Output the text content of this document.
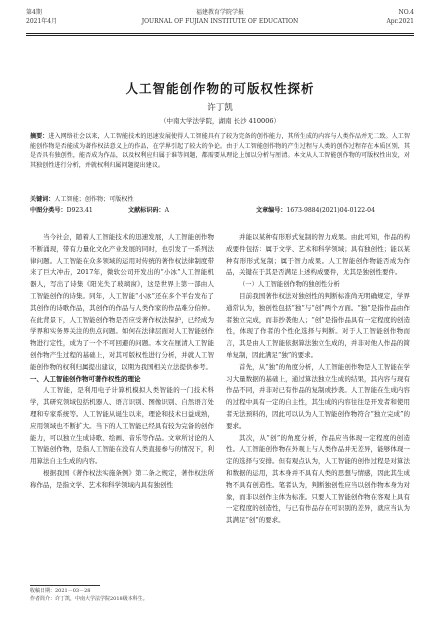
第4期
2021年4月
福建教育学院学报
JOURNAL OF FUJIAN INSTITUTE OF EDUCATION
NO.4
Apr.2021
人工智能创作物的可版权性探析
许丁凯
（中南大学法学院，湖南 长沙 410006）
摘要：进入网络社会以来，人工智能技术的迅速发展使得人工智能具有了较为完备的创作能力，其所生成的内容与人类作品并无二致。人工智能创作物是否能成为著作权法意义上的作品，在学界引起了较大的争论。由于人工智能创作物的产生过程与人类的创作过程存在本质区别，其是否具有独创性，能否成为作品，以及权利应归属于谁等问题，都需要从理论上加以分析与厘清。本文从人工智能创作物的可版权性出发，对其独创性进行分析，并就权利归属问题提出建议。
关键词：人工智能；创作物；可版权性
中图分类号：D923.41	文献标识码：A	文章编号：1673-9884(2021)04-0122-04

当今社会，随着人工智能技术的迅速发展，人工智能创作物不断涌现，带有力量化文化产业发展的同时，也引发了一系列法律问题。人工智能在众多领域的运用对传统的著作权法律制度带来了巨大冲击，2017年，微软公司开发出的“小冰”人工智能机器人，写出了诗集《阳光失了玻璃窗》，这是世界上第一部由人工智能创作的诗集。同年，人工智能“小冰”还在多个平台发布了其创作的诗歌作品，其创作的作品与人类作家的作品难分伯仲。在此背景下，人工智能创作物是否应受著作权法保护，已经成为学界和实务界关注的焦点问题。如何在法律层面对人工智能创作物进行定性，成为了一个不可回避的问题。本文在厘清人工智能创作物产生过程的基础上，对其可版权性进行分析，并就人工智能创作物的权利归属提出建议，以期为我国相关立法提供参考。

一、人工智能创作物可著作权性的理论

人工智能，是利用电子计算机模拟人类智能的一门技术科学，其研究领域包括机器人、语言识别、图像识别、自然语言处理和专家系统等。人工智能从诞生以来，理论和技术日益成熟，应用领域也不断扩大。当下的人工智能已经具有较为完备的创作能力，可以独立生成诗歌、绘画、音乐等作品。文章所讨论的人工智能创作物，是指人工智能在没有人类直接参与的情况下，利用算法自主生成的内容。

根据我国《著作权法实施条例》第二条之规定，著作权法所称作品，是指文学、艺术和科学领域内具有独创性

并能以某种有形形式复制的智力成果。由此可知，作品的构成要件包括：属于文学、艺术和科学领域；具有独创性；能以某种有形形式复制；属于智力成果。人工智能创作物能否成为作品，关键在于其是否满足上述构成要件，尤其是独创性要件。

（一）人工智能创作物的独创性分析

目前我国著作权法对独创性的判断标准尚无明确规定，学界通常认为，独创性包括“独”与“创”两个方面。“独”是指作品由作者独立完成，而非抄袭他人；“创”是指作品具有一定程度的创造性，体现了作者的个性化选择与判断。对于人工智能创作物而言，其是由人工智能依据算法独立生成的，并非对他人作品的简单复制，因此满足“独”的要求。

首先，从“独”的角度分析，人工智能创作物是人工智能在学习大量数据的基础上，通过算法独立生成的结果，其内容与现有作品不同，并非对已有作品的复制或抄袭。人工智能在生成内容的过程中具有一定的自主性，其生成的内容往往是开发者和使用者无法预料的，因此可以认为人工智能创作物符合“独立完成”的要求。

其次，从“创”的角度分析，作品应当体现一定程度的创造性。人工智能创作物在外观上与人类作品并无差异，能够体现一定的选择与安排。但有观点认为，人工智能的创作过程是对算法和数据的运用，其本身并不具有人类的思想与情感，因此其生成物不具有创造性。笔者认为，判断独创性应当以创作物本身为对象，而非以创作主体为标准。只要人工智能创作物在客观上具有一定程度的创造性，与已有作品存在可识别的差异，就应当认为其满足“创”的要求。

收稿日期：2021－03－28
作者简介：许丁凯，中南大学法学院2018级本科生。
